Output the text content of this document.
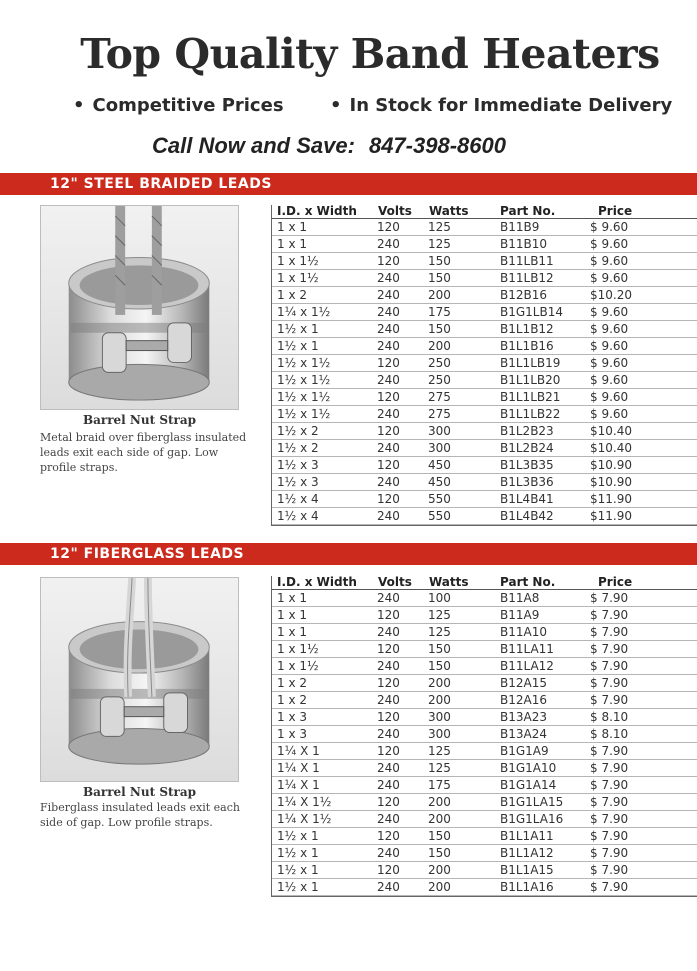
Top Quality Band Heaters
• Competitive Prices	• In Stock for Immediate Delivery
Call Now and Save: 847-398-8600
12" STEEL BRAIDED LEADS
Barrel Nut Strap
Metal braid over fiberglass insulated
leads exit each side of gap. Low
profile straps.
I.D. x Width Volts Watts	Part No.	Price
1 x 1	120 125	B11B9	$ 9.60
1 x 1	240 125	B11B10	$ 9.60
1 x 1½	120 150	B11LB11	$ 9.60
1 x 1½	240 150	B11LB12	$ 9.60
1 x 2	240 200	B12B16	$10.20
1¼ x 1½	240 175	B1G1LB14 $ 9.60
1½ x 1	240 150	B1L1B12	$ 9.60
1½ x 1	240 200	B1L1B16	$ 9.60
1½ x 1½	120 250	B1L1LB19 $ 9.60
1½ x 1½	240 250	B1L1LB20 $ 9.60
1½ x 1½	120 275	B1L1LB21 $ 9.60
1½ x 1½	240 275	B1L1LB22 $ 9.60
1½ x 2	120 300	B1L2B23	$10.40
1½ x 2	240 300	B1L2B24	$10.40
1½ x 3	120 450	B1L3B35	$10.90
1½ x 3	240 450	B1L3B36	$10.90
1½ x 4	120 550	B1L4B41	$11.90
1½ x 4	240 550	B1L4B42	$11.90
12" FIBERGLASS LEADS
Barrel Nut Strap
Fiberglass insulated leads exit each
side of gap. Low profile straps.
I.D. x Width Volts Watts	Part No.	Price
1 x 1	240 100	B11A8	$ 7.90
1 x 1	120 125	B11A9	$ 7.90
1 x 1	240 125	B11A10	$ 7.90
1 x 1½	120 150	B11LA11	$ 7.90
1 x 1½	240 150	B11LA12	$ 7.90
1 x 2	120 200	B12A15	$ 7.90
1 x 2	240 200	B12A16	$ 7.90
1 x 3	120 300	B13A23	$ 8.10
1 x 3	240 300	B13A24	$ 8.10
1¼ X 1	120 125	B1G1A9	$ 7.90
1¼ X 1	240 125	B1G1A10	$ 7.90
1¼ X 1	240 175	B1G1A14	$ 7.90
1¼ X 1½	120 200	B1G1LA15 $ 7.90
1¼ X 1½	240 200	B1G1LA16 $ 7.90
1½ x 1	120 150	B1L1A11	$ 7.90
1½ x 1	240 150	B1L1A12	$ 7.90
1½ x 1	120 200	B1L1A15	$ 7.90
1½ x 1	240 200	B1L1A16	$ 7.90
